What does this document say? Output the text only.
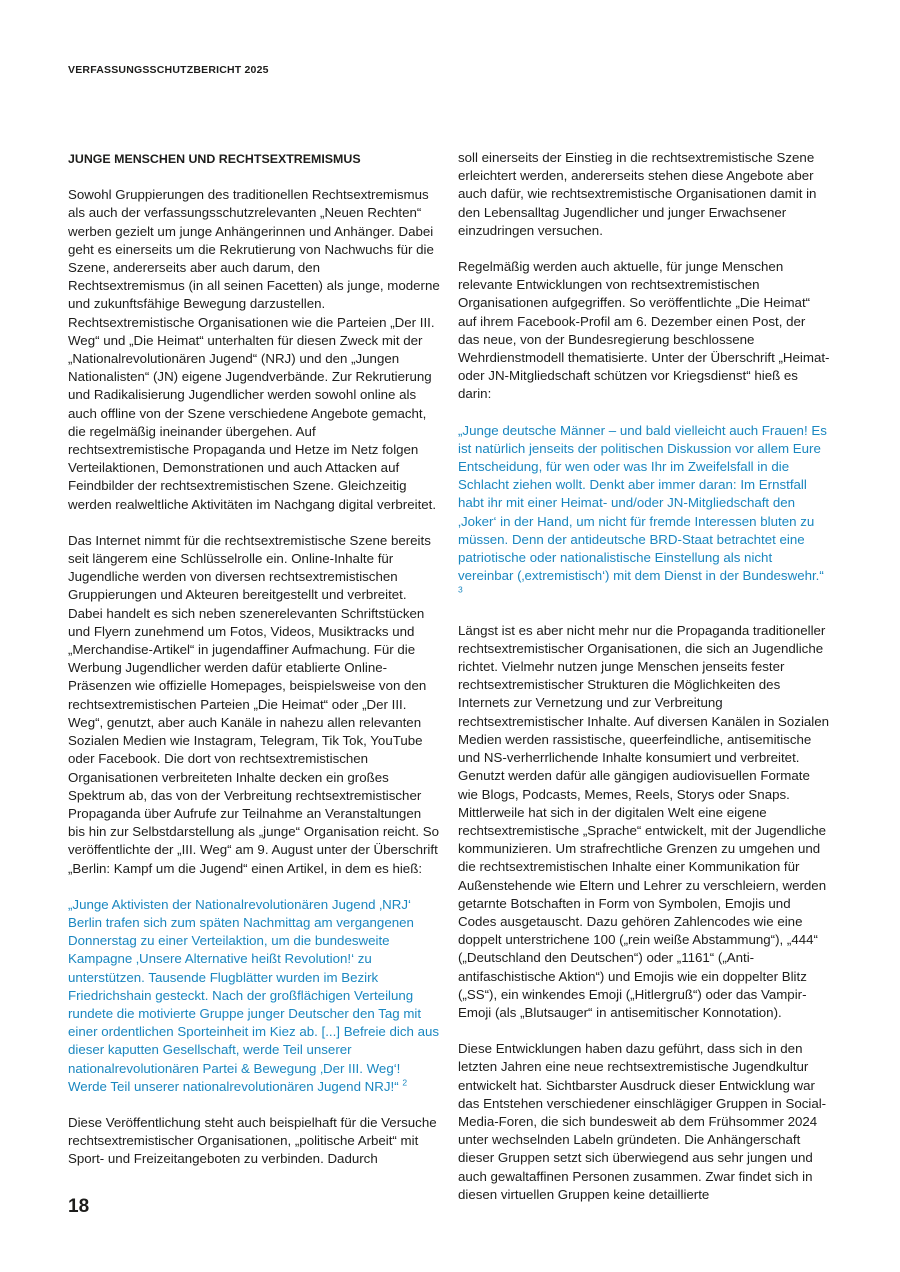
VERFASSUNGSSCHUTZBERICHT 2025
JUNGE MENSCHEN UND RECHTSEXTREMISMUS

Sowohl Gruppierungen des traditionellen Rechtsextremismus als auch der verfassungsschutzrelevanten „Neuen Rechten“ werben gezielt um junge Anhängerinnen und Anhänger. Dabei geht es einerseits um die Rekrutierung von Nachwuchs für die Szene, andererseits aber auch darum, den Rechtsextremismus (in all seinen Facetten) als junge, moderne und zukunftsfähige Bewegung darzustellen. Rechtsextremistische Organisationen wie die Parteien „Der III. Weg“ und „Die Heimat“ unterhalten für diesen Zweck mit der „Nationalrevolutionären Jugend“ (NRJ) und den „Jungen Nationalisten“ (JN) eigene Jugendverbände. Zur Rekrutierung und Radikalisierung Jugendlicher werden sowohl online als auch offline von der Szene verschiedene Angebote gemacht, die regelmäßig ineinander übergehen. Auf rechtsextremistische Propaganda und Hetze im Netz folgen Verteilaktionen, Demonstrationen und auch Attacken auf Feindbilder der rechtsextremistischen Szene. Gleichzeitig werden realweltliche Aktivitäten im Nachgang digital verbreitet.

Das Internet nimmt für die rechtsextremistische Szene bereits seit längerem eine Schlüsselrolle ein. Online-Inhalte für Jugendliche werden von diversen rechtsextremistischen Gruppierungen und Akteuren bereitgestellt und verbreitet. Dabei handelt es sich neben szenerelevanten Schriftstücken und Flyern zunehmend um Fotos, Videos, Musiktracks und „Merchandise-Artikel“ in jugendaffiner Aufmachung. Für die Werbung Jugendlicher werden dafür etablierte Online-Präsenzen wie offizielle Homepages, beispielsweise von den rechtsextremistischen Parteien „Die Heimat“ oder „Der III. Weg“, genutzt, aber auch Kanäle in nahezu allen relevanten Sozialen Medien wie Instagram, Telegram, Tik Tok, YouTube oder Facebook. Die dort von rechtsextremistischen Organisationen verbreiteten Inhalte decken ein großes Spektrum ab, das von der Verbreitung rechtsextremistischer Propaganda über Aufrufe zur Teilnahme an Veranstaltungen bis hin zur Selbstdarstellung als „junge“ Organisation reicht. So veröffentlichte der „III. Weg“ am 9. August unter der Überschrift „Berlin: Kampf um die Jugend“ einen Artikel, in dem es hieß:

„Junge Aktivisten der Nationalrevolutionären Jugend ‚NRJ‘ Berlin trafen sich zum späten Nachmittag am vergangenen Donnerstag zu einer Verteilaktion, um die bundesweite Kampagne ‚Unsere Alternative heißt Revolution!‘ zu unterstützen. Tausende Flugblätter wurden im Bezirk Friedrichshain gesteckt. Nach der großflächigen Verteilung rundete die motivierte Gruppe junger Deutscher den Tag mit einer ordentlichen Sporteinheit im Kiez ab. [...] Befreie dich aus dieser kaputten Gesellschaft, werde Teil unserer nationalrevolutionären Partei & Bewegung ‚Der III. Weg‘! Werde Teil unserer nationalrevolutionären Jugend NRJ!“ $^2$

Diese Veröffentlichung steht auch beispielhaft für die Versuche rechtsextremistischer Organisationen, „politische Arbeit“ mit Sport- und Freizeitangeboten zu verbinden. Dadurch

soll einerseits der Einstieg in die rechtsextremistische Szene erleichtert werden, andererseits stehen diese Angebote aber auch dafür, wie rechtsextremistische Organisationen damit in den Lebensalltag Jugendlicher und junger Erwachsener einzudringen versuchen.

Regelmäßig werden auch aktuelle, für junge Menschen relevante Entwicklungen von rechtsextremistischen Organisationen aufgegriffen. So veröffentlichte „Die Heimat“ auf ihrem Facebook-Profil am 6. Dezember einen Post, der das neue, von der Bundesregierung beschlossene Wehrdienstmodell thematisierte. Unter der Überschrift „Heimat- oder JN-Mitgliedschaft schützen vor Kriegsdienst“ hieß es darin:

„Junge deutsche Männer – und bald vielleicht auch Frauen! Es ist natürlich jenseits der politischen Diskussion vor allem Eure Entscheidung, für wen oder was Ihr im Zweifelsfall in die Schlacht ziehen wollt. Denkt aber immer daran: Im Ernstfall habt ihr mit einer Heimat- und/oder JN-Mitgliedschaft den ‚Joker‘ in der Hand, um nicht für fremde Interessen bluten zu müssen. Denn der antideutsche BRD-Staat betrachtet eine patriotische oder nationalistische Einstellung als nicht vereinbar (‚extremistisch‘) mit dem Dienst in der Bundeswehr.“ $^3$

Längst ist es aber nicht mehr nur die Propaganda traditioneller rechtsextremistischer Organisationen, die sich an Jugendliche richtet. Vielmehr nutzen junge Menschen jenseits fester rechtsextremistischer Strukturen die Möglichkeiten des Internets zur Vernetzung und zur Verbreitung rechtsextremistischer Inhalte. Auf diversen Kanälen in Sozialen Medien werden rassistische, queerfeindliche, antisemitische und NS-verherrlichende Inhalte konsumiert und verbreitet. Genutzt werden dafür alle gängigen audiovisuellen Formate wie Blogs, Podcasts, Memes, Reels, Storys oder Snaps. Mittlerweile hat sich in der digitalen Welt eine eigene rechtsextremistische „Sprache“ entwickelt, mit der Jugendliche kommunizieren. Um strafrechtliche Grenzen zu umgehen und die rechtsextremistischen Inhalte einer Kommunikation für Außenstehende wie Eltern und Lehrer zu verschleiern, werden getarnte Botschaften in Form von Symbolen, Emojis und Codes ausgetauscht. Dazu gehören Zahlencodes wie eine doppelt unterstrichene 100 („rein weiße Abstammung“), „444“ („Deutschland den Deutschen“) oder „1161“ („Anti-antifaschistische Aktion“) und Emojis wie ein doppelter Blitz („SS“), ein winkendes Emoji („Hitlergruß“) oder das Vampir-Emoji (als „Blutsauger“ in antisemitischer Konnotation).

Diese Entwicklungen haben dazu geführt, dass sich in den letzten Jahren eine neue rechtsextremistische Jugendkultur entwickelt hat. Sichtbarster Ausdruck dieser Entwicklung war das Entstehen verschiedener einschlägiger Gruppen in Social-Media-Foren, die sich bundesweit ab dem Frühsommer 2024 unter wechselnden Labeln gründeten. Die Anhängerschaft dieser Gruppen setzt sich überwiegend aus sehr jungen und auch gewaltaffinen Personen zusammen. Zwar findet sich in diesen virtuellen Gruppen keine detaillierte

18
